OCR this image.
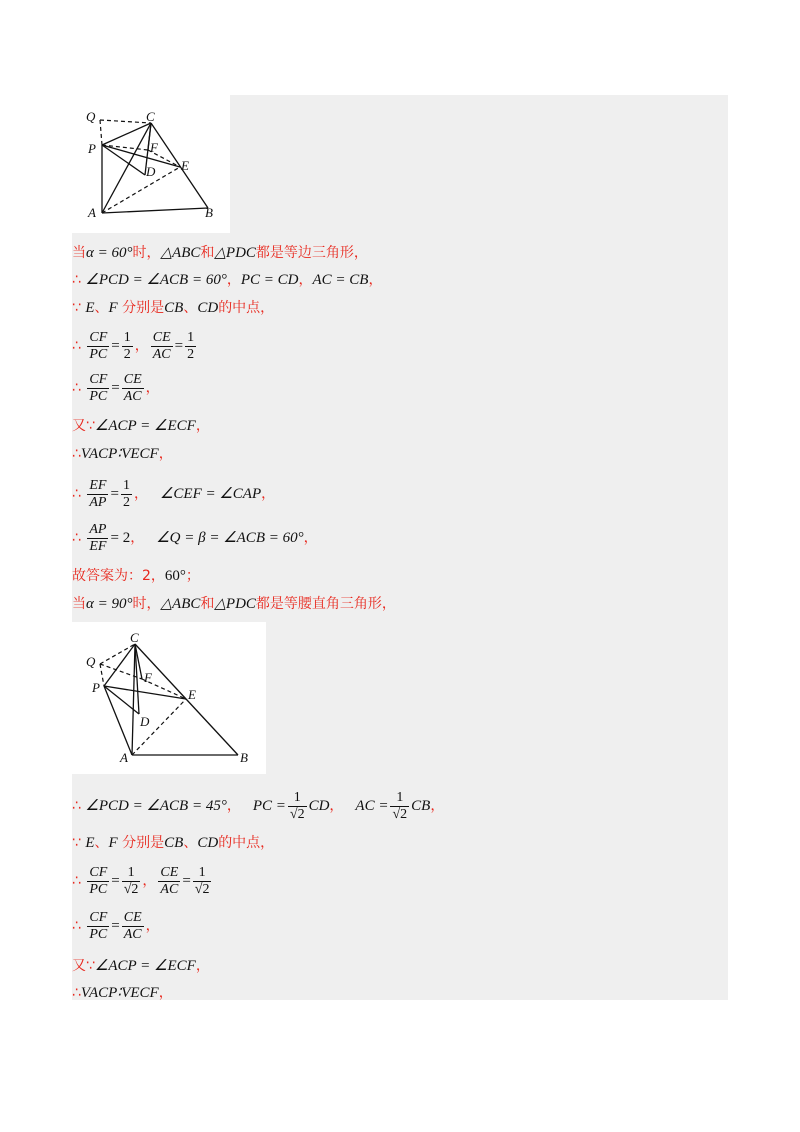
Q	C
P	F
E
D
A	B
C
Q
F
P	E
D
A	B
当α = 60°时，△ABC和△PDC都是等边三角形，
∴ ∠PCD = ∠ACB = 60°，PC = CD，AC = CB，
∵ E、F 分别是CB、CD的中点，
∴ $\frac{CF}{PC} = \frac{1}{2}$ ， $\frac{CE}{AC} = \frac{1}{2}$
∴ $\frac{CF}{PC} = \frac{CE}{AC}$ ，
又∵∠ACP = ∠ECF，
∴VACP∶VECF，
∴ $\frac{EF}{AP} = \frac{1}{2}$ ， ∠CEF = ∠CAP，
∴ $\frac{AP}{EF} = 2$， ∠Q = β = ∠ACB = 60°，
故答案为：2，60°；
当α = 90°时，△ABC和△PDC都是等腰直角三角形，
∴ ∠PCD = ∠ACB = 45°， PC = $\frac{1}{√2}$ CD， AC = $\frac{1}{√2}$ CB，
∵ E、F 分别是CB、CD的中点，
∴ $\frac{CF}{PC} = \frac{1}{√2}$ ， $\frac{CE}{AC} = \frac{1}{√2}$
∴ $\frac{CF}{PC} = \frac{CE}{AC}$ ，
又∵∠ACP = ∠ECF，
∴VACP∶VECF，
